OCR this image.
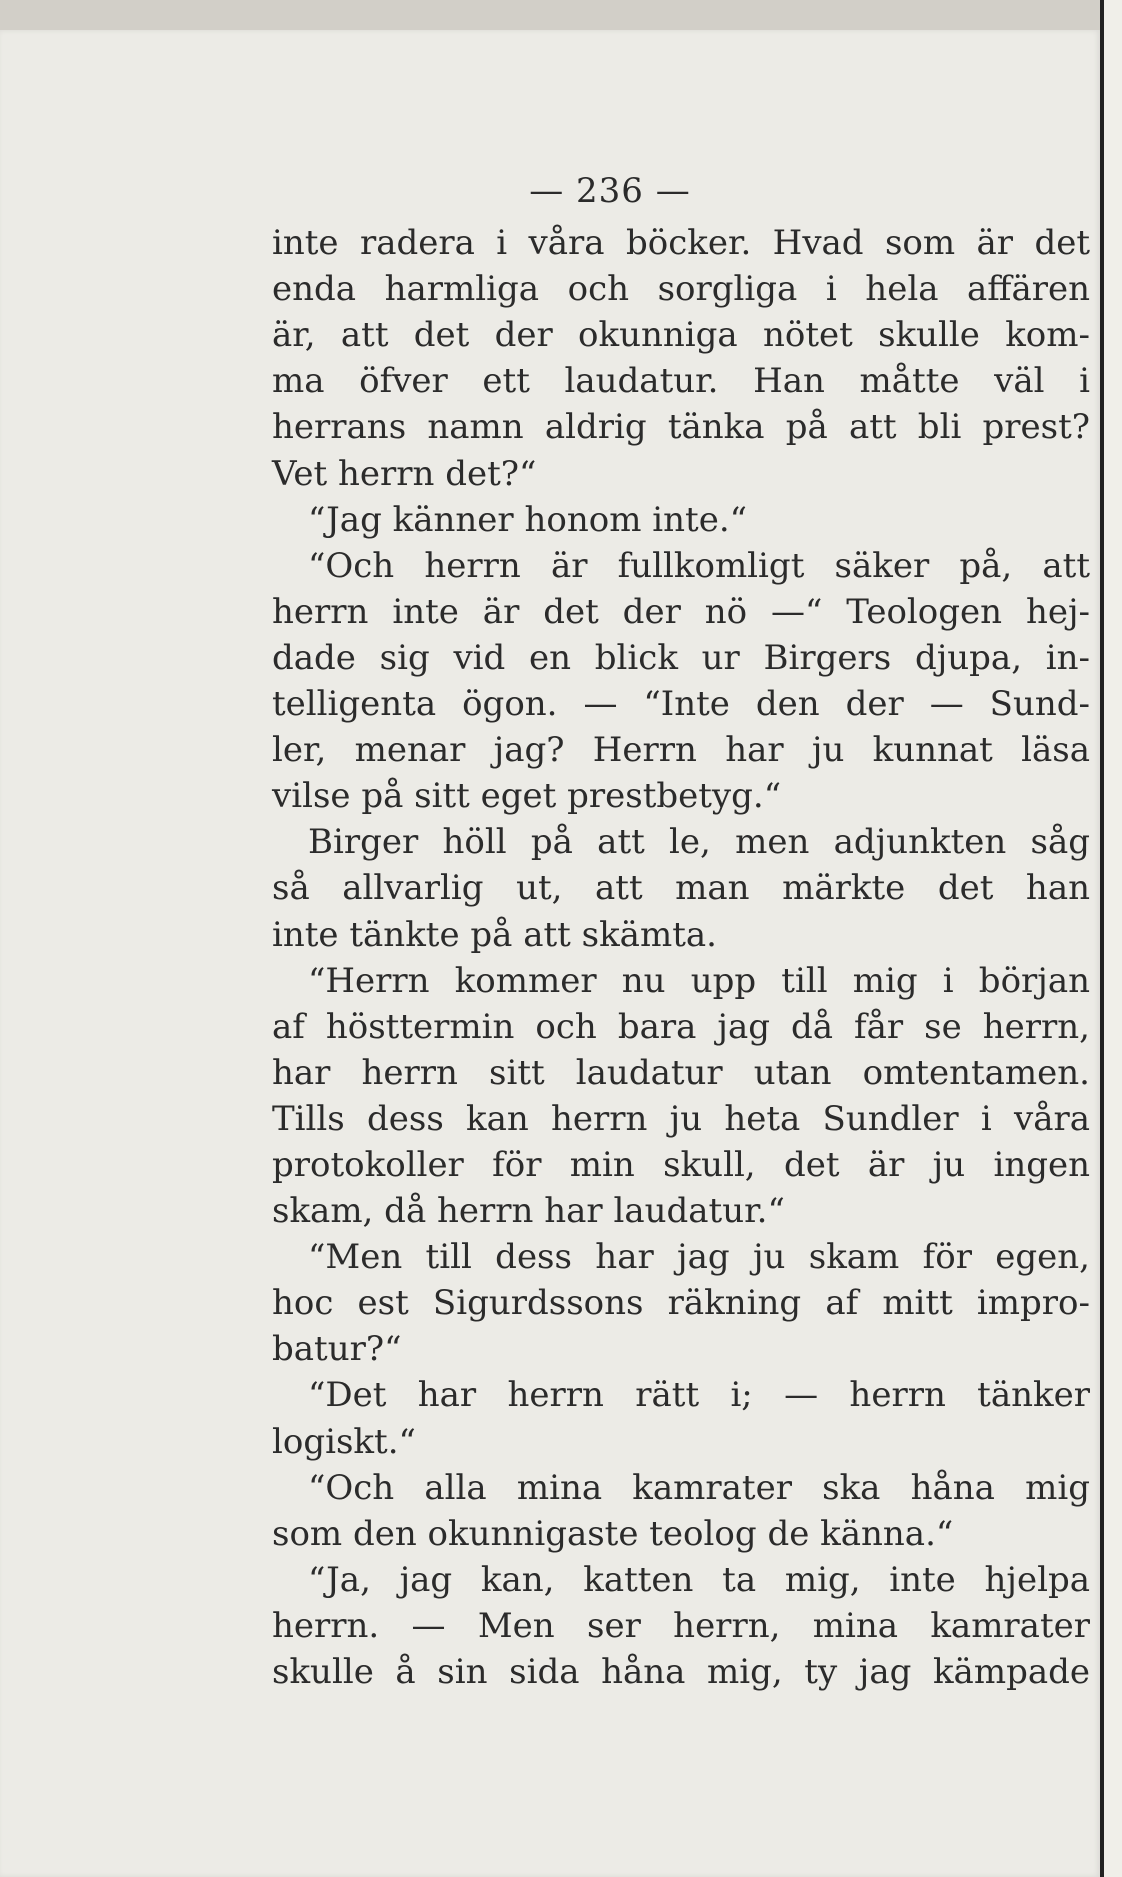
— 236 —
inte radera i våra böcker. Hvad som är det
enda harmliga och sorgliga i hela affären
är, att det der okunniga nötet skulle kom-
ma öfver ett laudatur. Han måtte väl i
herrans namn aldrig tänka på att bli prest?
Vet herrn det?“
“Jag känner honom inte.“
“Och herrn är fullkomligt säker på, att
herrn inte är det der nö —“ Teologen hej-
dade sig vid en blick ur Birgers djupa, in-
telligenta ögon. — “Inte den der — Sund-
ler, menar jag? Herrn har ju kunnat läsa
vilse på sitt eget prestbetyg.“
Birger höll på att le, men adjunkten såg
så allvarlig ut, att man märkte det han
inte tänkte på att skämta.
“Herrn kommer nu upp till mig i början
af hösttermin och bara jag då får se herrn,
har herrn sitt laudatur utan omtentamen.
Tills dess kan herrn ju heta Sundler i våra
protokoller för min skull, det är ju ingen
skam, då herrn har laudatur.“
“Men till dess har jag ju skam för egen,
hoc est Sigurdssons räkning af mitt impro-
batur?“
“Det har herrn rätt i; — herrn tänker
logiskt.“
“Och alla mina kamrater ska håna mig
som den okunnigaste teolog de känna.“
“Ja, jag kan, katten ta mig, inte hjelpa
herrn. — Men ser herrn, mina kamrater
skulle å sin sida håna mig, ty jag kämpade
